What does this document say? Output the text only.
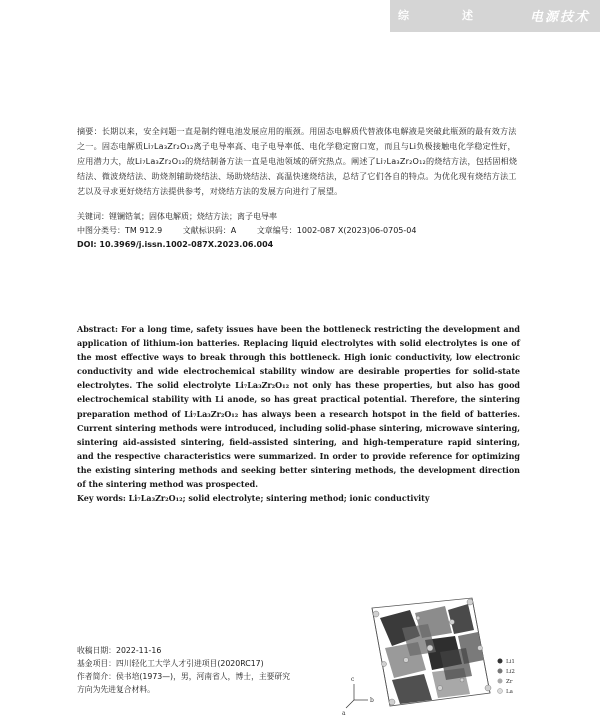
综	述	电源技术
摘要：长期以来，安全问题一直是制约锂电池发展应用的瓶颈。用固态电解质代替液体电解液是突破此瓶颈的最有效方法之一。固态电解质Li₇La₃Zr₂O₁₂离子电导率高、电子电导率低、电化学稳定窗口宽，而且与Li负极接触电化学稳定性好，应用潜力大，故Li₇La₃Zr₂O₁₂的烧结制备方法一直是电池领域的研究热点。阐述了Li₇La₃Zr₂O₁₂的烧结方法，包括固相烧结法、微波烧结法、助烧剂辅助烧结法、场助烧结法、高温快速烧结法，总结了它们各自的特点。为优化现有烧结方法工艺以及寻求更好烧结方法提供参考，对烧结方法的发展方向进行了展望。
关键词：锂镧锆氧；固体电解质；烧结方法；离子电导率
中图分类号：TM 912.9	文献标识码：A	文章编号：1002-087 X(2023)06-0705-04
DOI: 10.3969/j.issn.1002-087X.2023.06.004
Abstract: For a long time, safety issues have been the bottleneck restricting the development and application of lithium-ion batteries. Replacing liquid electrolytes with solid electrolytes is one of the most effective ways to break through this bottleneck. High ionic conductivity, low electronic conductivity and wide electrochemical stability window are desirable properties for solid-state electrolytes. The solid electrolyte Li₇La₃Zr₂O₁₂ not only has these properties, but also has good electrochemical stability with Li anode, so has great practical potential. Therefore, the sintering preparation method of Li₇La₃Zr₂O₁₂ has always been a research hotspot in the field of batteries. Current sintering methods were introduced, including solid-phase sintering, microwave sintering, sintering aid-assisted sintering, field-assisted sintering, and high-temperature rapid sintering, and the respective characteristics were summarized. In order to provide reference for optimizing the existing sintering methods and seeking better sintering methods, the development direction of the sintering method was prospected.
Key words: Li₇La₃Zr₂O₁₂; solid electrolyte; sintering method; ionic conductivity
收稿日期：2022-11-16
基金项目：四川轻化工大学人才引进项目(2020RC17)
作者简介：侯书培(1973—)，男，河南省人，博士，主要研究
方向为先进复合材料。
c
b
a
Li1
Li2
Zr
La
